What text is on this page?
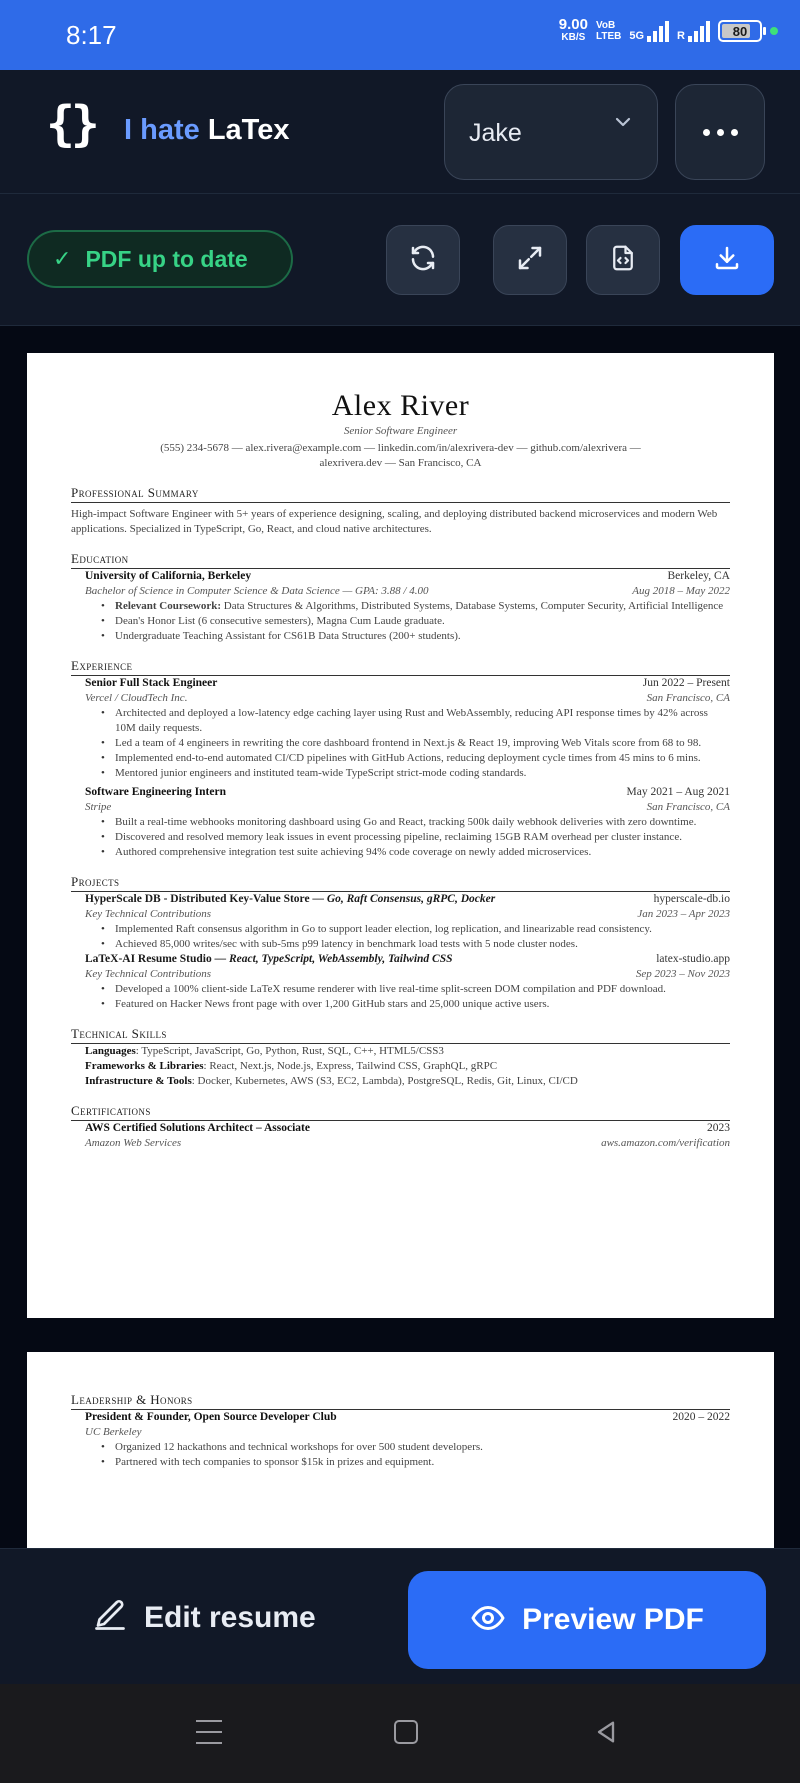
8:17	9.00
KB/S
VoB
LTEB 5G	R	80
{} I hate LaTex	Jake
✓ PDF up to date
Alex River
Senior Software Engineer
(555) 234-5678 — alex.rivera@example.com — linkedin.com/in/alexrivera-dev — github.com/alexrivera —
alexrivera.dev — San Francisco, CA
Professional Summary
High-impact Software Engineer with 5+ years of experience designing, scaling, and deploying distributed backend microservices and modern Web applications. Specialized in TypeScript, Go, React, and cloud native architectures.
Education
University of California, Berkeley	Berkeley, CA
Bachelor of Science in Computer Science & Data Science — GPA: 3.88 / 4.00	Aug 2018 – May 2022
• Relevant Coursework: Data Structures & Algorithms, Distributed Systems, Database Systems, Computer Security, Artificial Intelligence
• Dean's Honor List (6 consecutive semesters), Magna Cum Laude graduate.
• Undergraduate Teaching Assistant for CS61B Data Structures (200+ students).
Experience
Senior Full Stack Engineer	Jun 2022 – Present
Vercel / CloudTech Inc.	San Francisco, CA
• Architected and deployed a low-latency edge caching layer using Rust and WebAssembly, reducing API response times by 42% across 10M daily requests.
• Led a team of 4 engineers in rewriting the core dashboard frontend in Next.js & React 19, improving Web Vitals score from 68 to 98.
• Implemented end-to-end automated CI/CD pipelines with GitHub Actions, reducing deployment cycle times from 45 mins to 6 mins.
• Mentored junior engineers and instituted team-wide TypeScript strict-mode coding standards.
Software Engineering Intern	May 2021 – Aug 2021
Stripe	San Francisco, CA
• Built a real-time webhooks monitoring dashboard using Go and React, tracking 500k daily webhook deliveries with zero downtime.
• Discovered and resolved memory leak issues in event processing pipeline, reclaiming 15GB RAM overhead per cluster instance.
• Authored comprehensive integration test suite achieving 94% code coverage on newly added microservices.
Projects
HyperScale DB - Distributed Key-Value Store — Go, Raft Consensus, gRPC, Docker	hyperscale-db.io
Key Technical Contributions	Jan 2023 – Apr 2023
• Implemented Raft consensus algorithm in Go to support leader election, log replication, and linearizable read consistency.
• Achieved 85,000 writes/sec with sub-5ms p99 latency in benchmark load tests with 5 node cluster nodes.
LaTeX-AI Resume Studio — React, TypeScript, WebAssembly, Tailwind CSS	latex-studio.app
Key Technical Contributions	Sep 2023 – Nov 2023
• Developed a 100% client-side LaTeX resume renderer with live real-time split-screen DOM compilation and PDF download.
• Featured on Hacker News front page with over 1,200 GitHub stars and 25,000 unique active users.
Technical Skills
Languages: TypeScript, JavaScript, Go, Python, Rust, SQL, C++, HTML5/CSS3
Frameworks & Libraries: React, Next.js, Node.js, Express, Tailwind CSS, GraphQL, gRPC
Infrastructure & Tools: Docker, Kubernetes, AWS (S3, EC2, Lambda), PostgreSQL, Redis, Git, Linux, CI/CD
Certifications
AWS Certified Solutions Architect – Associate	2023
Amazon Web Services	aws.amazon.com/verification
Leadership & Honors
President & Founder, Open Source Developer Club	2020 – 2022
UC Berkeley
• Organized 12 hackathons and technical workshops for over 500 student developers.
• Partnered with tech companies to sponsor $15k in prizes and equipment.
Edit resume	Preview PDF
